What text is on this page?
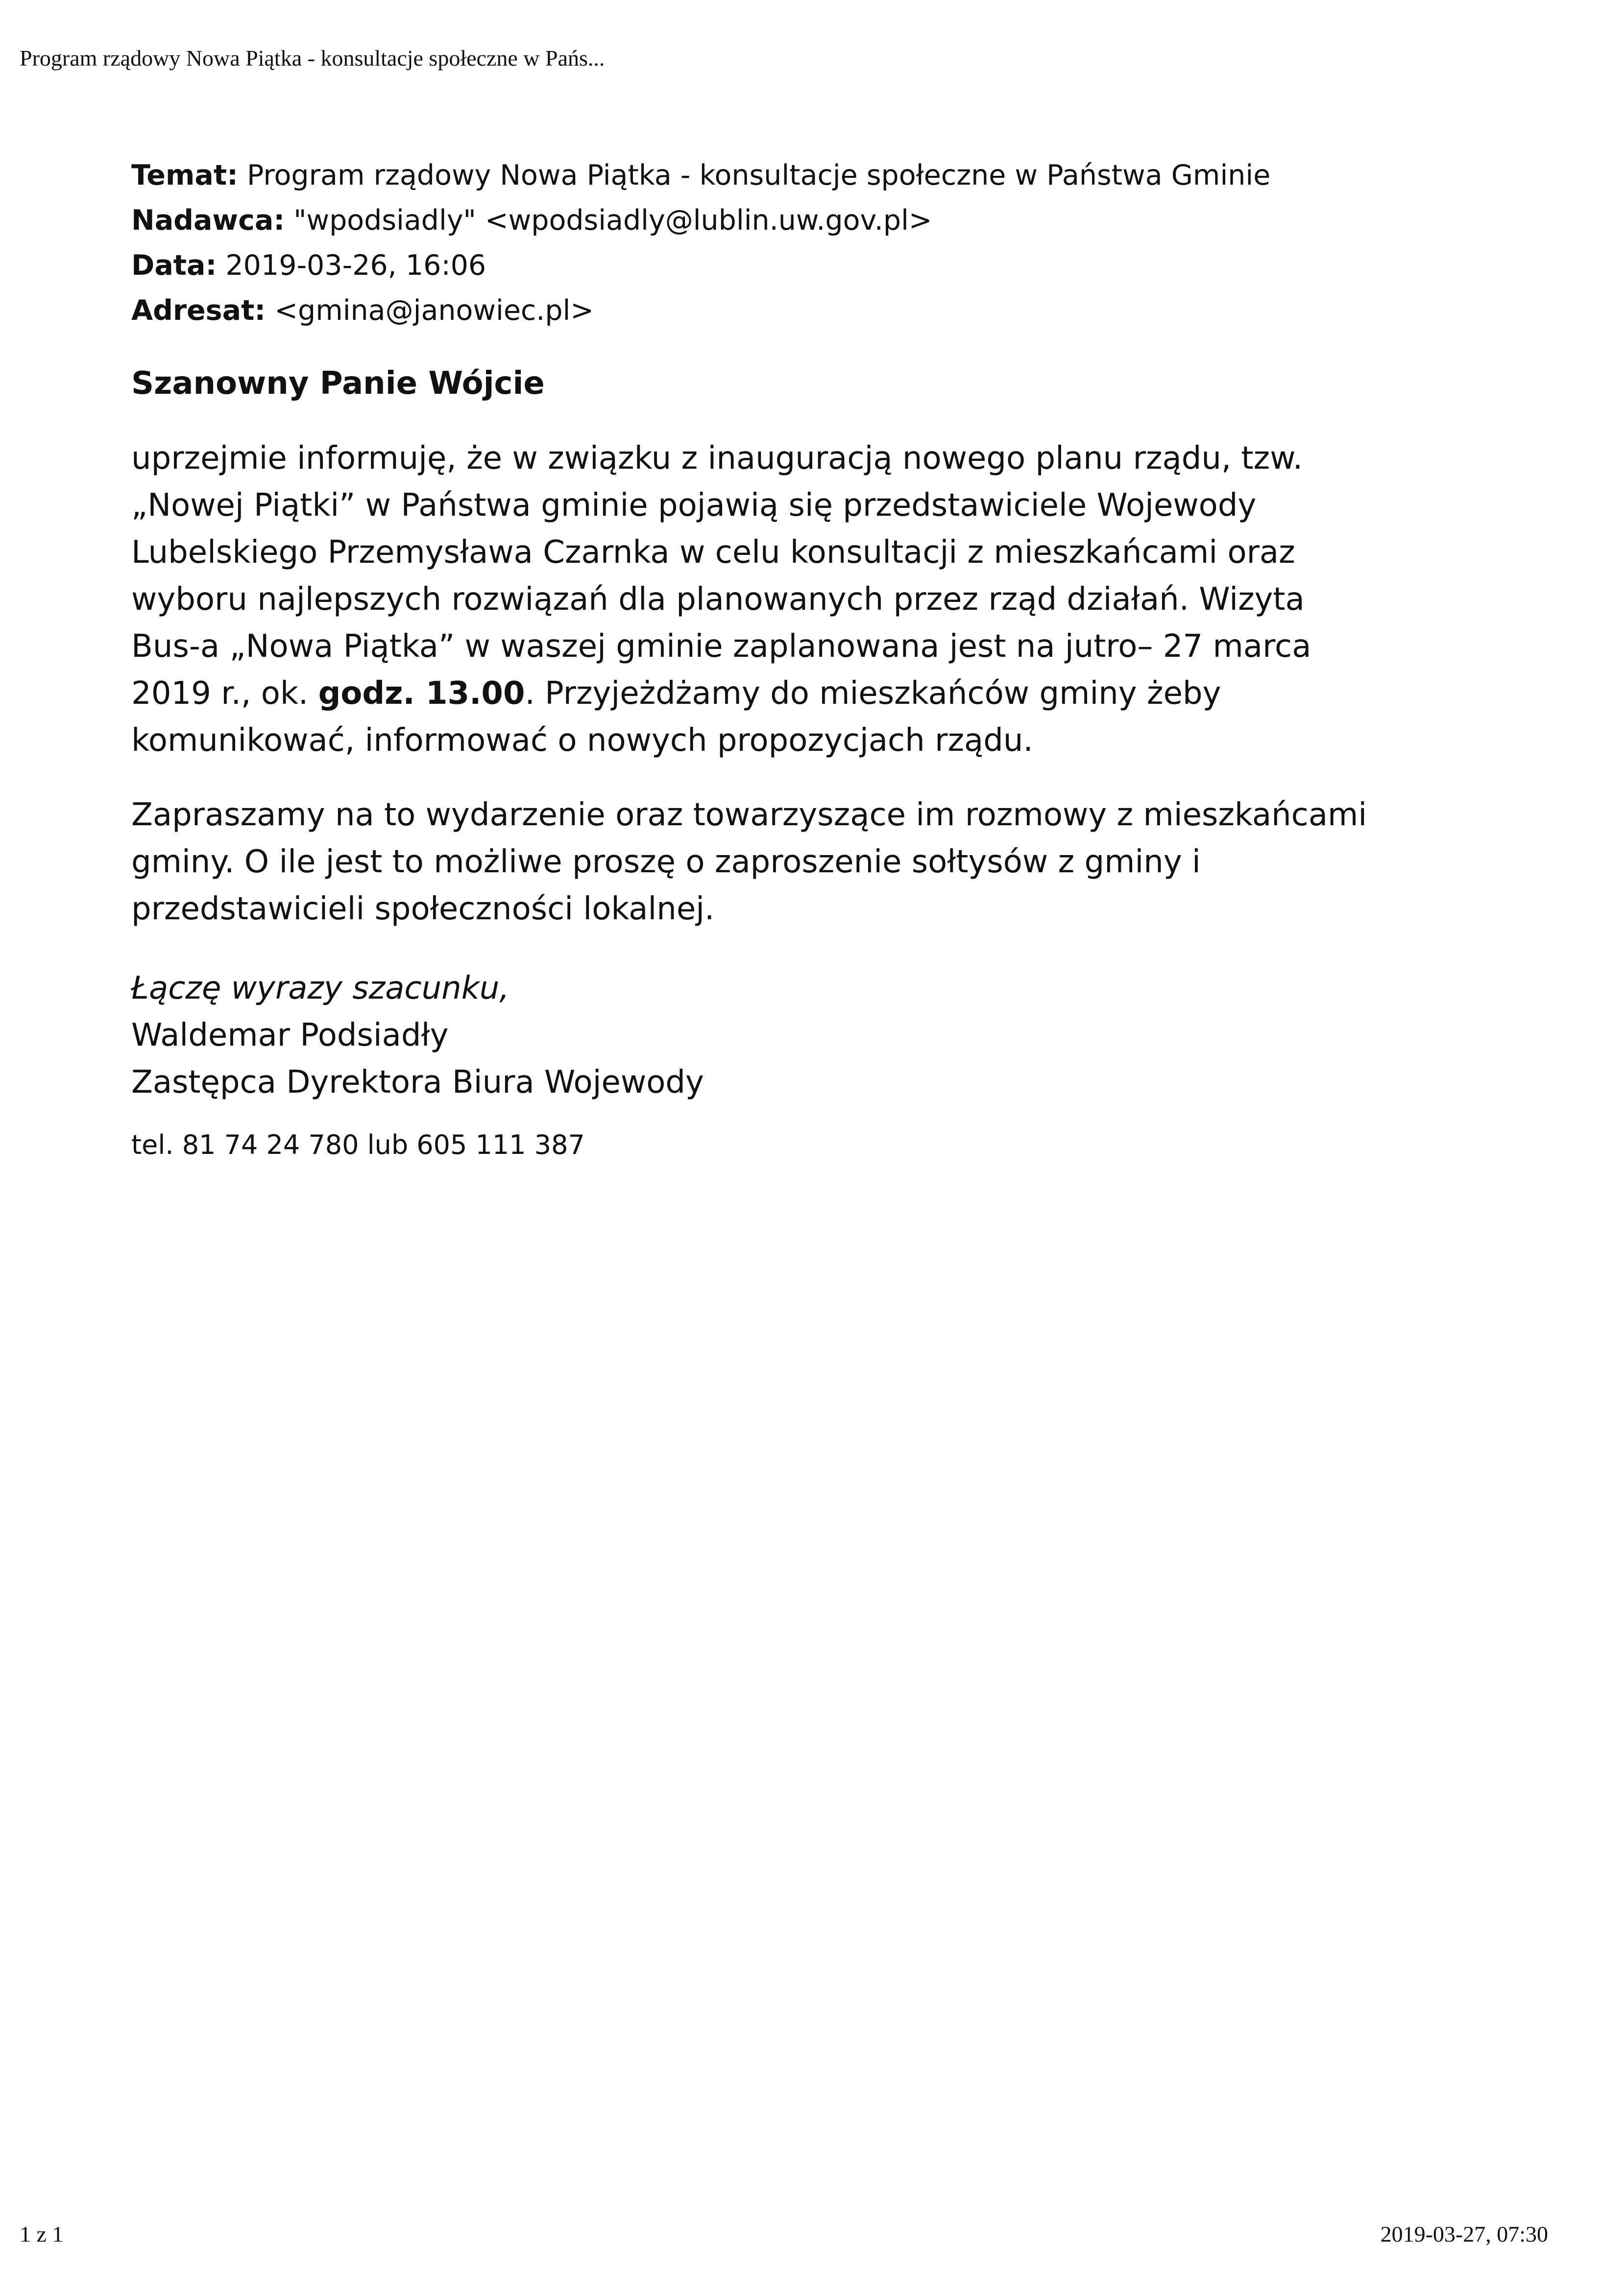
Program rządowy Nowa Piątka - konsultacje społeczne w Pańs...
Temat: Program rządowy Nowa Piątka - konsultacje społeczne w Państwa Gminie
Nadawca: "wpodsiadly" <wpodsiadly@lublin.uw.gov.pl>
Data: 2019-03-26, 16:06
Adresat: <gmina@janowiec.pl>
Szanowny Panie Wójcie

uprzejmie informuję, że w związku z inauguracją nowego planu rządu, tzw.
„Nowej Piątki” w Państwa gminie pojawią się przedstawiciele Wojewody
Lubelskiego Przemysława Czarnka w celu konsultacji z mieszkańcami oraz
wyboru najlepszych rozwiązań dla planowanych przez rząd działań. Wizyta
Bus-a „Nowa Piątka” w waszej gminie zaplanowana jest na jutro– 27 marca
2019 r., ok. godz. 13.00. Przyjeżdżamy do mieszkańców gminy żeby
komunikować, informować o nowych propozycjach rządu.

Zapraszamy na to wydarzenie oraz towarzyszące im rozmowy z mieszkańcami
gminy. O ile jest to możliwe proszę o zaproszenie sołtysów z gminy i
przedstawicieli społeczności lokalnej.

Łączę wyrazy szacunku,
Waldemar Podsiadły
Zastępca Dyrektora Biura Wojewody
tel. 81 74 24 780 lub 605 111 387
1 z 1	2019-03-27, 07:30
